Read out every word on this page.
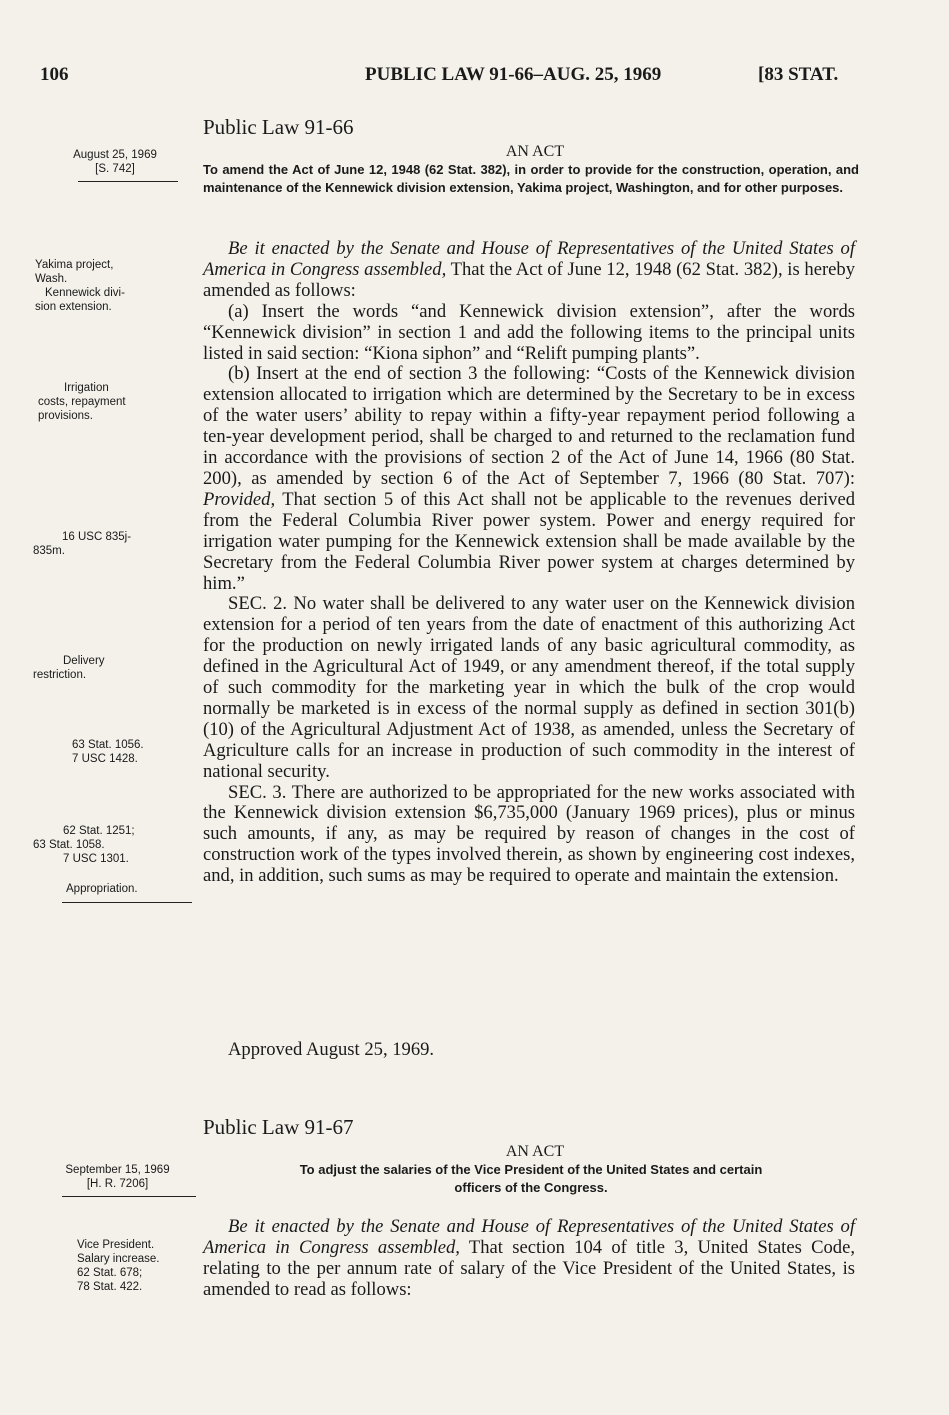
106	PUBLIC LAW 91-66–AUG. 25, 1969	[83 STAT.
Public Law 91-66
August 25, 1969
[S. 742]
AN ACT
To amend the Act of June 12, 1948 (62 Stat. 382), in order to provide for the construction, operation, and maintenance of the Kennewick division extension, Yakima project, Washington, and for other purposes.
Yakima project,
Wash.
Kennewick divi-
sion extension.
Irrigation
costs, repayment
provisions.
16 USC 835j-
835m.
Delivery
restriction.
63 Stat. 1056.
7 USC 1428.
62 Stat. 1251;
63 Stat. 1058.
7 USC 1301.
Appropriation.

Be it enacted by the Senate and House of Representatives of the United States of America in Congress assembled, That the Act of June 12, 1948 (62 Stat. 382), is hereby amended as follows:

(a) Insert the words “and Kennewick division extension”, after the words “Kennewick division” in section 1 and add the following items to the principal units listed in said section: “Kiona siphon” and “Relift pumping plants”.

(b) Insert at the end of section 3 the following: “Costs of the Kennewick division extension allocated to irrigation which are determined by the Secretary to be in excess of the water users’ ability to repay within a fifty-year repayment period following a ten-year development period, shall be charged to and returned to the reclamation fund in accordance with the provisions of section 2 of the Act of June 14, 1966 (80 Stat. 200), as amended by section 6 of the Act of September 7, 1966 (80 Stat. 707): Provided, That section 5 of this Act shall not be applicable to the revenues derived from the Federal Columbia River power system. Power and energy required for irrigation water pumping for the Kennewick extension shall be made available by the Secretary from the Federal Columbia River power system at charges determined by him.”

SEC. 2. No water shall be delivered to any water user on the Kennewick division extension for a period of ten years from the date of enactment of this authorizing Act for the production on newly irrigated lands of any basic agricultural commodity, as defined in the Agricultural Act of 1949, or any amendment thereof, if the total supply of such commodity for the marketing year in which the bulk of the crop would normally be marketed is in excess of the normal supply as defined in section 301(b)(10) of the Agricultural Adjustment Act of 1938, as amended, unless the Secretary of Agriculture calls for an increase in production of such commodity in the interest of national security.

SEC. 3. There are authorized to be appropriated for the new works associated with the Kennewick division extension $6,735,000 (January 1969 prices), plus or minus such amounts, if any, as may be required by reason of changes in the cost of construction work of the types involved therein, as shown by engineering cost indexes, and, in addition, such sums as may be required to operate and maintain the extension.

Approved August 25, 1969.
Public Law 91-67
September 15, 1969
[H. R. 7206]
AN ACT
To adjust the salaries of the Vice President of the United States and certain
officers of the Congress.
Vice President.
Salary increase.
62 Stat. 678;
78 Stat. 422.

Be it enacted by the Senate and House of Representatives of the United States of America in Congress assembled, That section 104 of title 3, United States Code, relating to the per annum rate of salary of the Vice President of the United States, is amended to read as follows:
